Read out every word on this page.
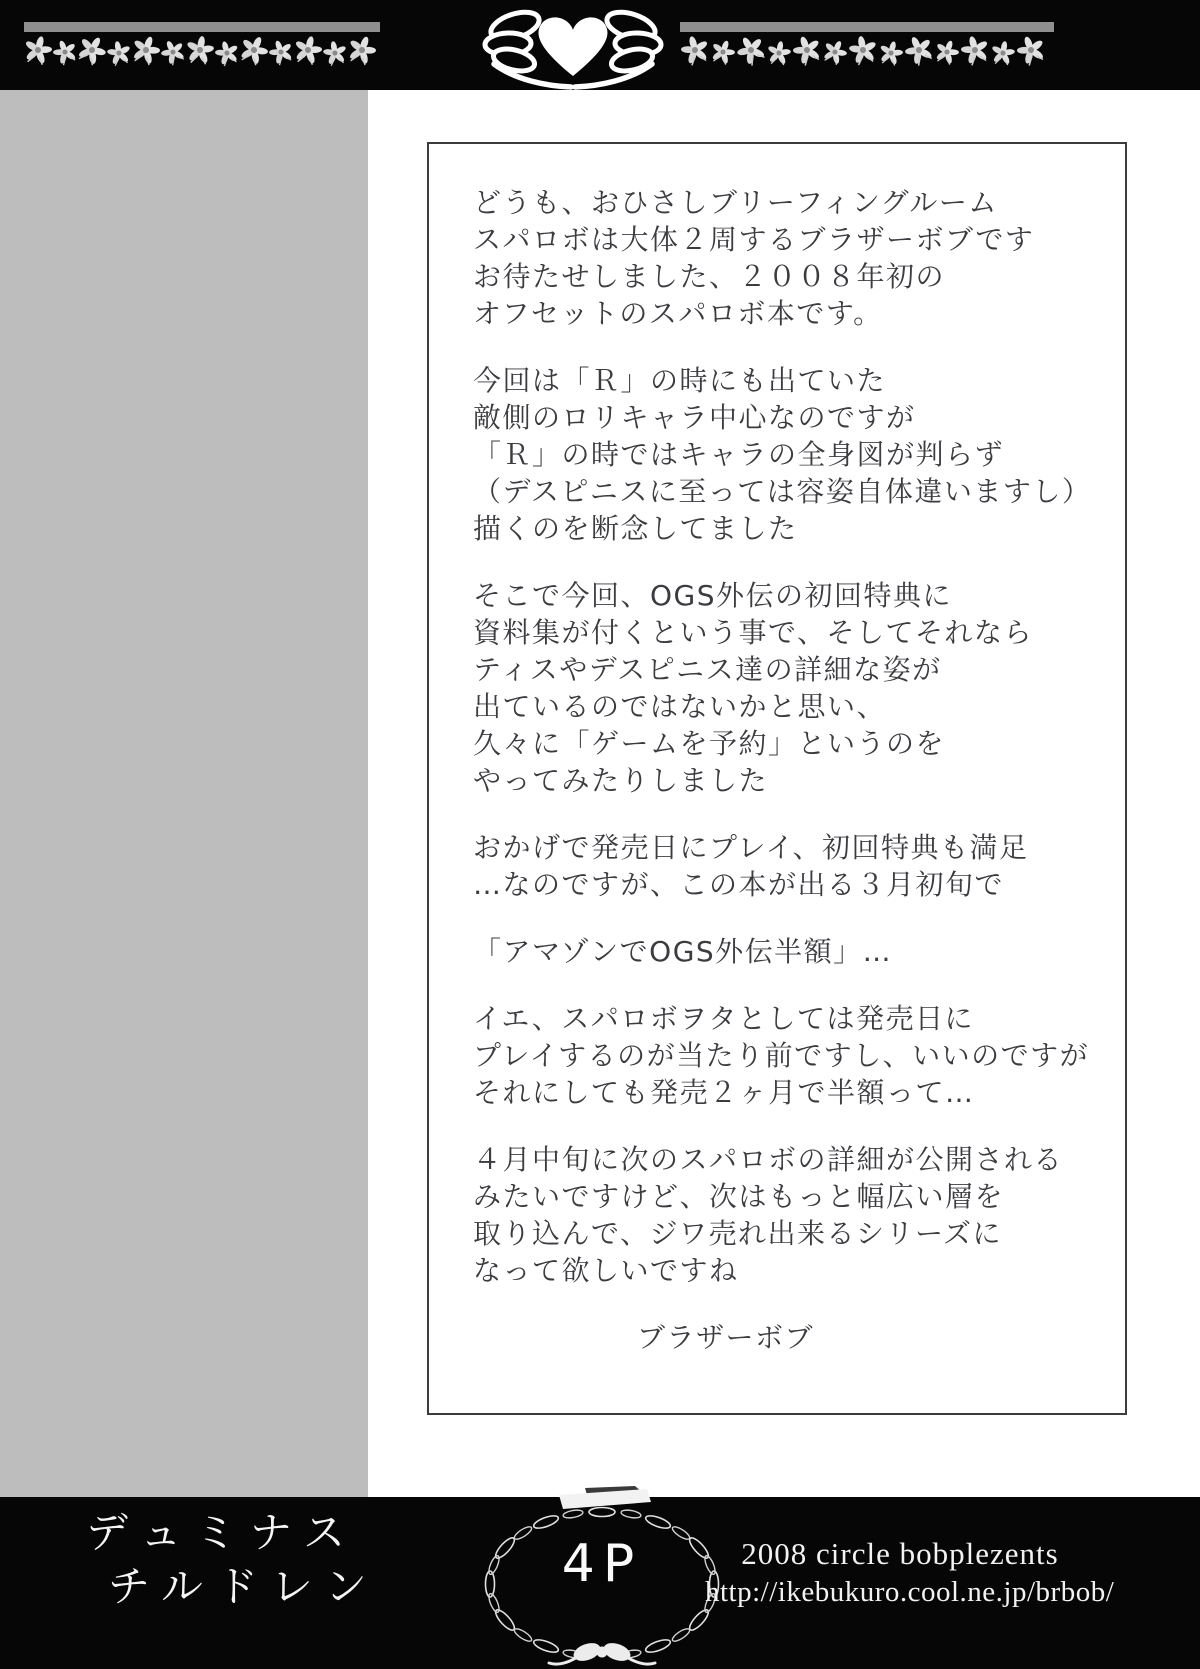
どうも、おひさしブリーフィングルーム
スパロボは大体２周するブラザーボブです
お待たせしました、２００８年初の
オフセットのスパロボ本です。

今回は「Ｒ」の時にも出ていた
敵側のロリキャラ中心なのですが
「Ｒ」の時ではキャラの全身図が判らず
（デスピニスに至っては容姿自体違いますし）
描くのを断念してました

そこで今回、OGS外伝の初回特典に
資料集が付くという事で、そしてそれなら
ティスやデスピニス達の詳細な姿が
出ているのではないかと思い、
久々に「ゲームを予約」というのを
やってみたりしました

おかげで発売日にプレイ、初回特典も満足
…なのですが、この本が出る３月初旬で

「アマゾンでOGS外伝半額」…

イエ、スパロボヲタとしては発売日に
プレイするのが当たり前ですし、いいのですが
それにしても発売２ヶ月で半額って…

４月中旬に次のスパロボの詳細が公開される
みたいですけど、次はもっと幅広い層を
取り込んで、ジワ売れ出来るシリーズに
なって欲しいですね

ブラザーボブ
デュミナス
チルドレン	4P	2008 circle bobplezents
http://ikebukuro.cool.ne.jp/brbob/
